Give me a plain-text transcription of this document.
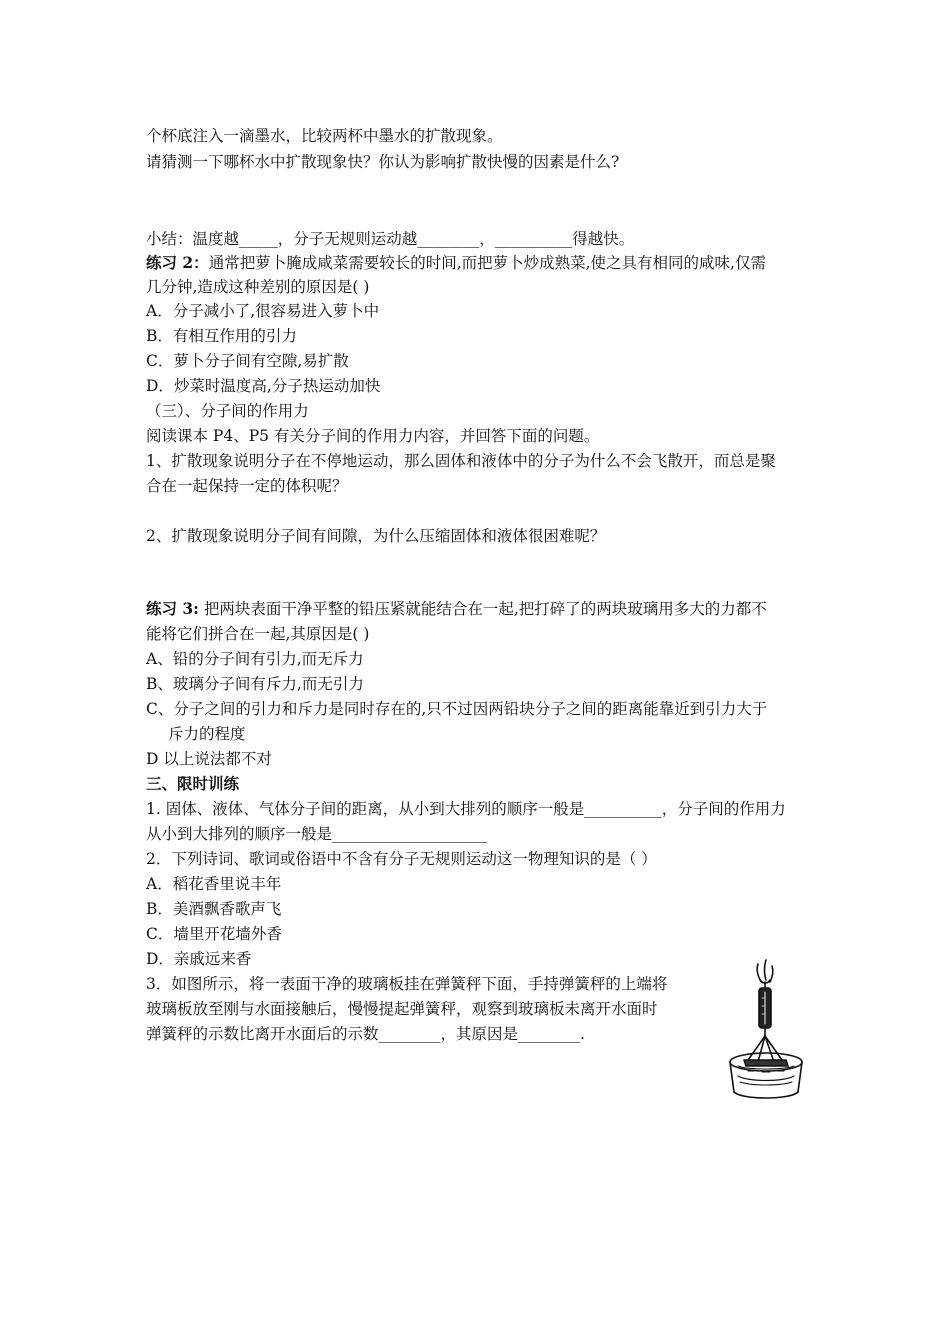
个杯底注入一滴墨水，比较两杯中墨水的扩散现象。
请猜测一下哪杯水中扩散现象快？你认为影响扩散快慢的因素是什么?
小结：温度越_____，分子无规则运动越________，__________得越快。
练习 2：通常把萝卜腌成咸菜需要较长的时间,而把萝卜炒成熟菜,使之具有相同的咸味,仅需
几分钟,造成这种差别的原因是( )
A．分子减小了,很容易进入萝卜中
B．有相互作用的引力
C．萝卜分子间有空隙,易扩散
D．炒菜时温度高,分子热运动加快
（三）、分子间的作用力
阅读课本 P4、P5 有关分子间的作用力内容，并回答下面的问题。
1、扩散现象说明分子在不停地运动，那么固体和液体中的分子为什么不会飞散开，而总是聚
合在一起保持一定的体积呢？
2、扩散现象说明分子间有间隙，为什么压缩固体和液体很困难呢？
练习 3: 把两块表面干净平整的铅压紧就能结合在一起,把打碎了的两块玻璃用多大的力都不
能将它们拼合在一起,其原因是( )
A、铅的分子间有引力,而无斥力
B、玻璃分子间有斥力,而无引力
C、分子之间的引力和斥力是同时存在的,只不过因两铅块分子之间的距离能靠近到引力大于
斥力的程度
D 以上说法都不对
三、限时训练
1. 固体、液体、气体分子间的距离，从小到大排列的顺序一般是__________，分子间的作用力
从小到大排列的顺序一般是____________________
2．下列诗词、歌词或俗语中不含有分子无规则运动这一物理知识的是（ ）
A．稻花香里说丰年
B．美酒飘香歌声飞
C．墙里开花墙外香
D．亲戚远来香
3．如图所示，将一表面干净的玻璃板挂在弹簧秤下面，手持弹簧秤的上端将
玻璃板放至刚与水面接触后，慢慢提起弹簧秤，观察到玻璃板未离开水面时
弹簧秤的示数比离开水面后的示数________，其原因是________.
